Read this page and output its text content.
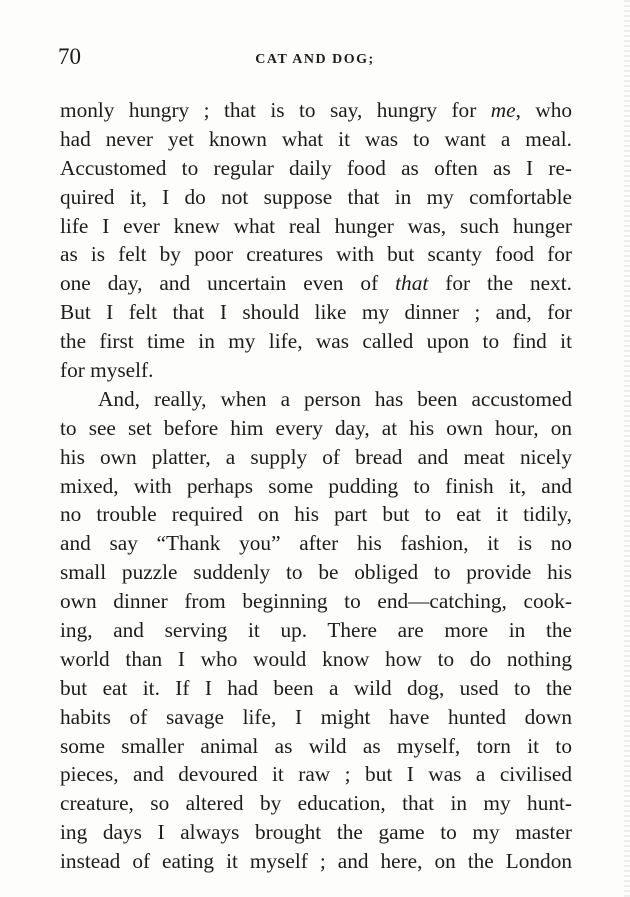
70	CAT AND DOG;
monly hungry ; that is to say, hungry for me, who
had never yet known what it was to want a meal.
Accustomed to regular daily food as often as I re-
quired it, I do not suppose that in my comfortable
life I ever knew what real hunger was, such hunger
as is felt by poor creatures with but scanty food for
one day, and uncertain even of that for the next.
But I felt that I should like my dinner ; and, for
the first time in my life, was called upon to find it
for myself.
And, really, when a person has been accustomed
to see set before him every day, at his own hour, on
his own platter, a supply of bread and meat nicely
mixed, with perhaps some pudding to finish it, and
no trouble required on his part but to eat it tidily,
and say “Thank you” after his fashion, it is no
small puzzle suddenly to be obliged to provide his
own dinner from beginning to end—catching, cook-
ing, and serving it up. There are more in the
world than I who would know how to do nothing
but eat it. If I had been a wild dog, used to the
habits of savage life, I might have hunted down
some smaller animal as wild as myself, torn it to
pieces, and devoured it raw ; but I was a civilised
creature, so altered by education, that in my hunt-
ing days I always brought the game to my master
instead of eating it myself ; and here, on the London
